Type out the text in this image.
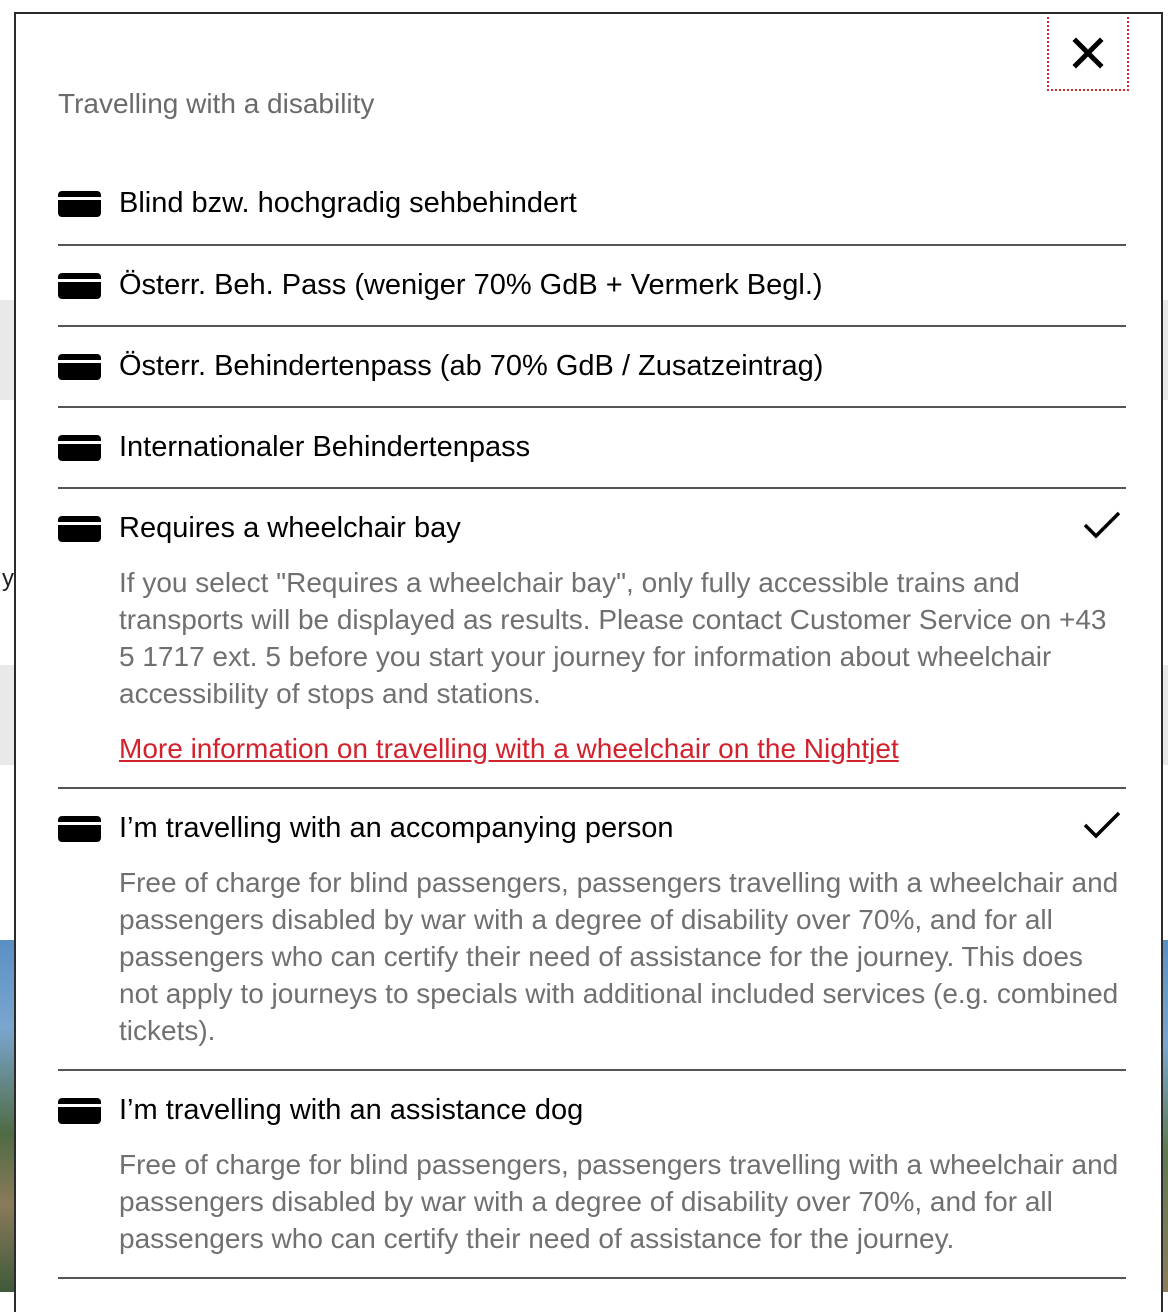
y
Travelling with a disability
Blind bzw. hochgradig sehbehindert
Österr. Beh. Pass (weniger 70% GdB + Vermerk Begl.)
Österr. Behindertenpass (ab 70% GdB / Zusatzeintrag)
Internationaler Behindertenpass
Requires a wheelchair bay

If you select "Requires a wheelchair bay", only fully accessible trains and transports will be displayed as results. Please contact Customer Service on +43 5 1717 ext. 5 before you start your journey for information about wheelchair accessibility of stops and stations.

More information on travelling with a wheelchair on the Nightjet
I’m travelling with an accompanying person

Free of charge for blind passengers, passengers travelling with a wheelchair and passengers disabled by war with a degree of disability over 70%, and for all passengers who can certify their need of assistance for the journey. This does not apply to journeys to specials with additional included services (e.g. combined tickets).

I’m travelling with an assistance dog

Free of charge for blind passengers, passengers travelling with a wheelchair and passengers disabled by war with a degree of disability over 70%, and for all passengers who can certify their need of assistance for the journey.
